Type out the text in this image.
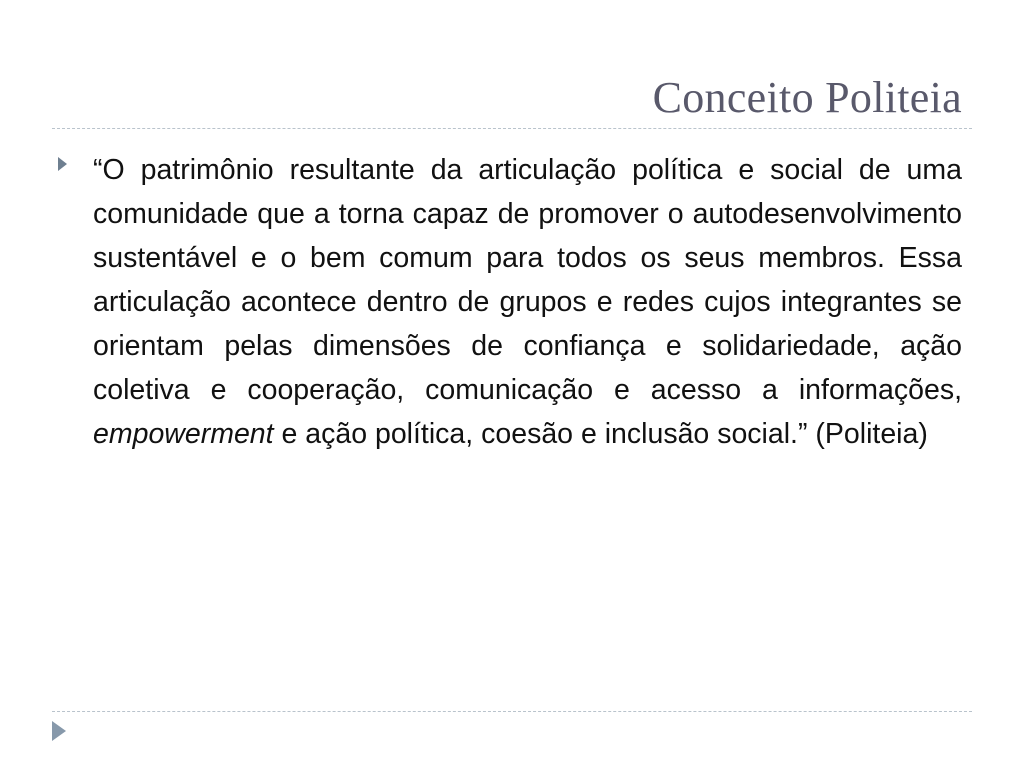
Conceito Politeia

“O patrimônio resultante da articulação política e social de uma comunidade que a torna capaz de promover o autodesenvolvimento sustentável e o bem comum para todos os seus membros. Essa articulação acontece dentro de grupos e redes cujos integrantes se orientam pelas dimensões de confiança e solidariedade, ação coletiva e cooperação, comunicação e acesso a informações, empowerment e ação política, coesão e inclusão social.” (Politeia)
